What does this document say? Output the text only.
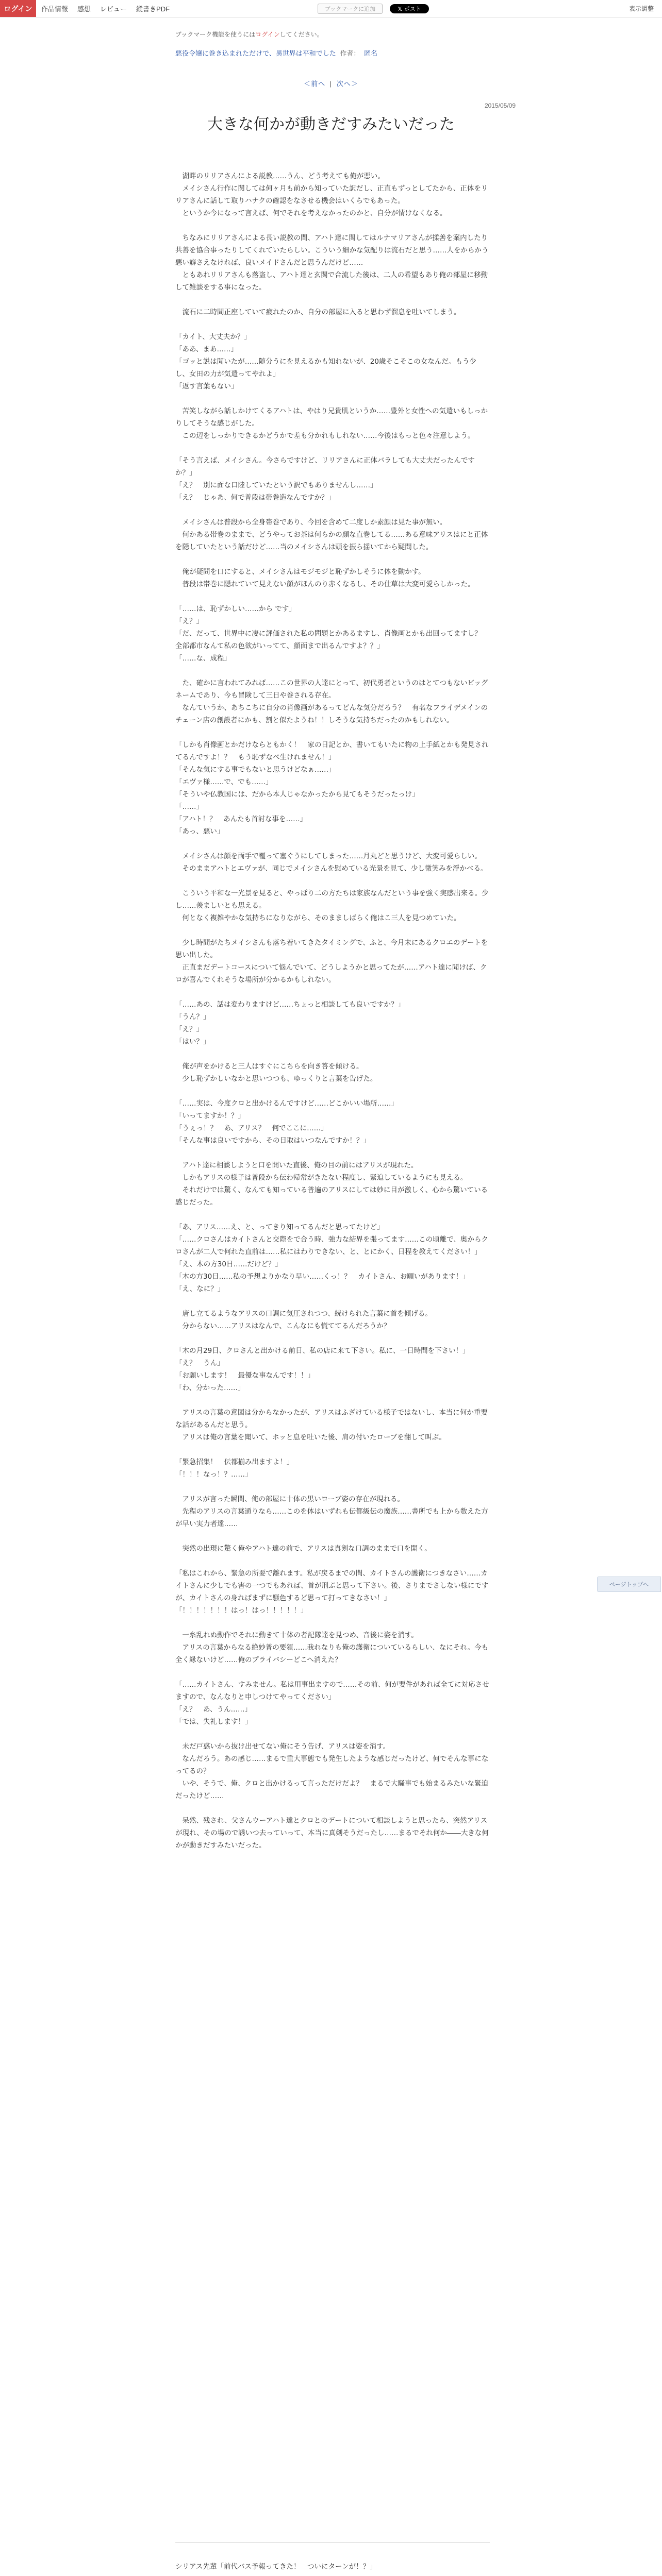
ログイン	作品情報 感想 レビュー 縦書きPDF	ブックマークに追加	𝕏 ポスト	表示調整
ブックマーク機能を使うにはログインしてください。
悪役令嬢に巻き込まれただけで、異世界は平和でした 作者： 匿名
＜前へ | 次へ＞
2015/05/09
大きな何かが動きだすみたいだった

　湖畔のリリアさんによる説教……うん、どう考えても俺が悪い。

　メイシさん行作に関しては何ヶ月も前から知っていた訳だし、正直もずっとしてたから、正体をリリアさんに話して取りハナクの確認をなさせる機会はいくらでもあった。

　というか今になって言えば、何でそれを考えなかったのかと、自分が情けなくなる。

　ちなみにリリアさんによる長い説教の間、アハト達に関してはルナマリアさんが揉善を案内したり共善を協合事ったりしてくれていたらしい。こういう細かな気配りは流石だと思う……人をからかう悪い癖さえなければ、良いメイドさんだと思うんだけど……

　ともあれリリアさんも落盗し、アハト達と玄関で合流した後は、二人の希望もあり俺の部屋に移動して雑談をする事になった。

　流石に二時間正座していて疲れたのか、自分の部屋に入ると思わず溜息を吐いてしまう。

「カイト、大丈夫か？」

「ああ、まあ……」

「ゴッと説は聞いたが……随分うにを見えるかも知れないが、20歳そこそこの女なんだ。もう少し、女田の力が気遣ってやれよ」

「返す言葉もない」

　苦笑しながら話しかけてくるアハトは、やはり兄貴肌というか……豊外と女性への気遣いもしっかりしてそうな感じがした。

　この辺をしっかりできるかどうかで差も分かれもしれない……今後はもっと色々注意しよう。

「そう言えば、メイシさん。今さらですけど、リリアさんに正体バラしても大丈夫だったんですか？」

「え？　別に面な口陸していたという訳でもありませんし……」

「え？　じゃあ、何で普段は帯巻造なんですか？」

　メイシさんは普段から全身帯巻であり、今回を含めて二度しか素顔は見た事が無い。

　何かある帯巻のままで、どうやってお茶は何らかの顔な直巻してる……ある意味アリスはにと正体を隠していたという話だけど……当のメイシさんは頭を振ら揺いてから疑問した。

　俺が疑問を口にすると、メイシさんはモジモジと恥ずかしそうに体を動かす。

　普段は帯巻に隠れていて見えない顔がほんのり赤くなるし、その仕草は大変可愛らしかった。

「……は、恥ずかしい……から です」

「え？」

「だ、だって、世界中に凄に評価された私の問題とかあるますし、肖像画とかも出回ってますし？　全部都市なんて私の色欲がいってて、顔面まで出るんですよ？？」

「……な、成程」

　た、確かに言われてみれば……この世界の人達にとって、初代勇者というのはとてつもないビッグネームであり、今も冒険して三日や巻される存在。

　なんていうか、あちこちに自分の肖像画があるってどんな気分だろう？　有名なフライデメインのチェーン店の創設者にかも、割と似たようね！！しそうな気持ちだったのかもしれない。

「しかも肖像画とかだけならともかく！　家の日記とか、書いてもいたに物の上手紙とかも発見されてるんですよ！？　もう恥ずなべ生けれません！」

「そんな気にする事でもないと思うけどなぁ……」

「エヴァ様……で、でも……」

「そういや仏教国には、だから本人じゃなかったから見てもそうだったっけ」

「……」

「アハト！？　あんたも首討な事を……」

「あっ、悪い」

　メイシさんは顔を両手で覆って塞ぐうにしてしまった……月丸どと思うけど、大変可愛らしい。

　そのままアハトとエヴァが、同じでメイシさんを慰めている光景を見て、少し微笑みを浮かべる。

　こういう平和な一光景を見ると、やっぱり二の方たちは家族なんだという事を強く実感出来る。少し……羨ましいとも思える。

　何となく複雑やかな気持ちになりながら、そのまましばらく俺はこ三人を見つめていた。

　少し時間がたちメイシさんも落ち着いてきたタイミングで、ふと、今月末にあるクロエのデートを思い出した。

　正直まだデートコースについて悩んでいて、どうしようかと思ってたが……アハト達に聞けば、クロが喜んでくれそうな場所が分かるかもしれない。

「……あの、話は変わりますけど……ちょっと相談しても良いですか？」

「うん？」

「え？」

「はい？」

　俺が声をかけると三人はすぐにこちらを向き答を傾ける。

　少し恥ずかしいなかと思いつつも、ゆっくりと言葉を告げた。

「……実は、今度クロと出かけるんですけど……どこかいい場所……」

「いってますか！？」

「うぇっ！？　あ、アリス？　何でここに……」

「そんな事は良いですから、その日取はいつなんですか！？」

　アハト達に相談しようと口を開いた直後、俺の目の前にはアリスが現れた。

　しかもアリスの様子は普段から伝わ帰常がきたない程度し、緊迫しているようにも見える。

　それだけでは驚く、なんても知っている普遍のアリスにしては妙に目が激しく、心から驚いている感じだった。

「あ、アリス……え、と、ってきり知ってるんだと思ってたけど」

「……クロさんはカイトさんと交際をで合う時、強力な結界を張ってます……この頃離で、奥からクロさんが二人で何れた直前は……私にはわりできない、と、とにかく、日程を教えてください！」

「え、木の方30日……だけど？」

「木の方30日……私の予想よりかなり早い……くっ！？　カイトさん、お願いがあります！」

「え、なに？」

　唐し立てるようなアリスの口調に気圧されつつ、続けられた言葉に首を傾げる。

　分からない……アリスはなんで、こんなにも慌ててるんだろうか？

「木の月29日、クロさんと出かける前日、私の店に来て下さい。私に、一日時間を下さい！」

「え？　うん」

「お願いします！　最優な事なんです！！」

「わ、分かった……」

　アリスの言葉の意図は分からなかったが、アリスはふざけている様子ではないし、本当に何か重要な話があるんだと思う。

　アリスは俺の言葉を聞いて、ホッと息を吐いた後、肩の付いたローブを翻して叫ぶ。

「緊急招集！　伝都揃み出ますよ！」

「！！！なっ！？……」

　アリスが言った瞬間、俺の部屋に十体の黒いローブ姿の存在が現れる。

　先程のアリスの言葉通りなら……このを体はいずれも伝都級伝の魔族……書所でも上から数えた方が早い実力者達……

　突然の出現に驚く俺やアハト達の前で、アリスは真剣な口調のままで口を開く。

「私はこれから、緊急の所要で離れます。私が戻るまでの間、カイトさんの護衛につきなさい……カイトさんに少しでも害の一つでもあれば、首が刑ぶと思って下さい。後、さりまでさしない様にですが、カイトさんの身ればまずに騒色するど思って打ってきなさい！」

「！！！！！！！はっ！はっ！！！！！」

　一糸乱れぬ動作でそれに動きて十体の者記隊達を見つめ、音後に姿を消す。

　アリスの言葉からなる絶妙普の要領……我れなりも俺の護衛についているらしい、なにそれ。今も全く縁ないけど……俺のプライバシーどこへ消えた？

「……カイトさん、すみません。私は用事出ますので……その前、何が要件があれば全てに対応させますので、なんなりと申しつけてやってください」

「え？　あ、うん……」

「では、失礼します！」

　未だ戸惑いから抜け出せてない俺にそう告げ、アリスは姿を消す。

　なんだろう。あの感じ……まるで重大事態でも発生したような感じだったけど、何でそんな事になってるの？

　いや、そうで、俺、クロと出かけるって言っただけだよ？　まるで大騒事でも始まるみたいな緊迫だったけど……

　呆然、残され、父さんウーアハト達とクロとのデートについて相談しようと思ったら、突然アリスが現れ、その場ので誘いつ去っていって、本当に真剣そうだったし……まるでそれ何か――大きな何かが動きだすみたいだった。

ページトップへ

シリアス先輩「前代バス予報ってきた！　ついにターンが！？」
